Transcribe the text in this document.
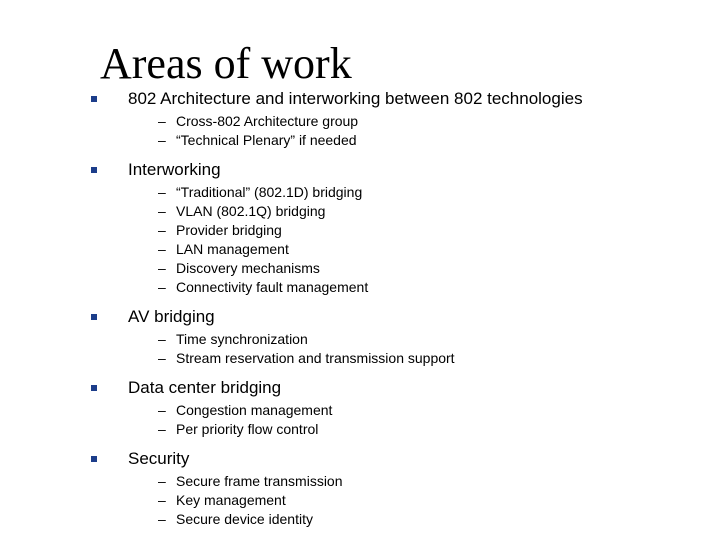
Areas of work
802 Architecture and interworking between 802 technologies
– Cross-802 Architecture group
– “Technical Plenary” if needed
Interworking
– “Traditional” (802.1D) bridging
– VLAN (802.1Q) bridging
– Provider bridging
– LAN management
– Discovery mechanisms
– Connectivity fault management
AV bridging
– Time synchronization
– Stream reservation and transmission support
Data center bridging
– Congestion management
– Per priority flow control
Security
– Secure frame transmission
– Key management
– Secure device identity
